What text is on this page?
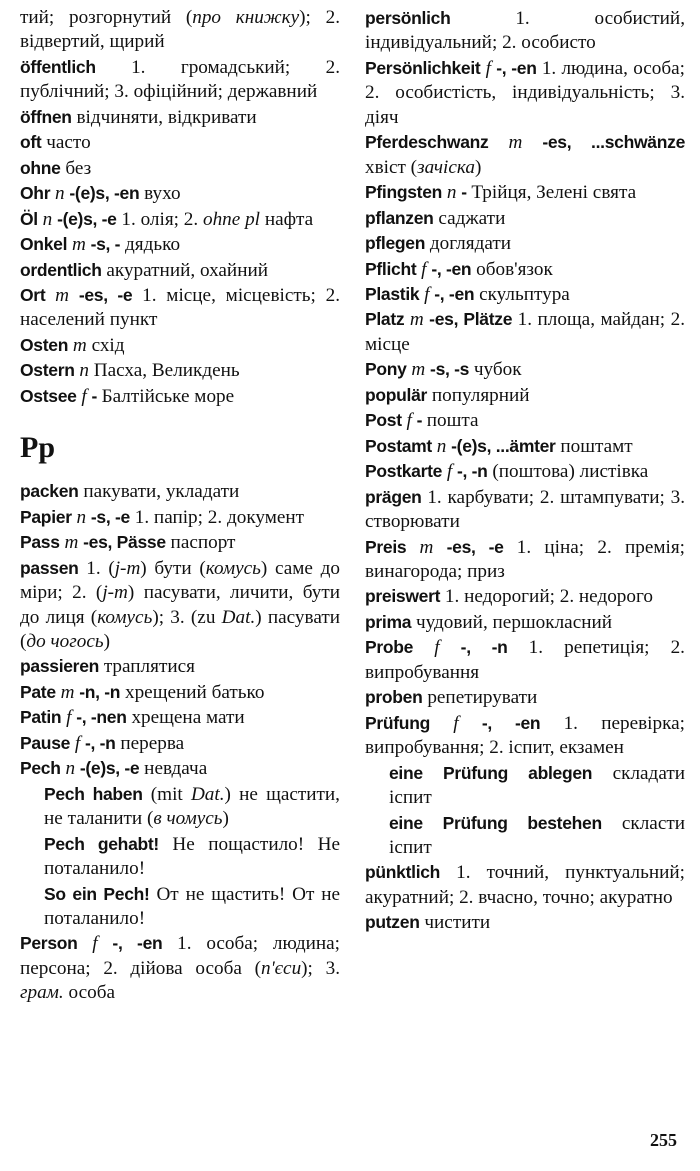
тий; розгорнутий (про книжку); 2. відвертий, щирий

öffentlich 1. громадський; 2. публічний; 3. офіційний; державний

öffnen відчиняти, відкривати

oft часто

ohne без

Ohr n -(e)s, -en вухо

Öl n -(e)s, -e 1. олія; 2. ohne pl нафта

Onkel m -s, - дядько

ordentlich акуратний, охайний

Ort m -es, -e 1. місце, місцевість; 2. населений пункт

Osten m схід

Ostern n Пасха, Великдень

Ostsee f - Балтійське море

Pp

packen пакувати, укладати

Papier n -s, -e 1. папір; 2. документ

Pass m -es, Pässe паспорт

passen 1. (j-m) бути (комусь) саме до міри; 2. (j-m) пасувати, личити, бути до лиця (комусь); 3. (zu Dat.) пасувати (до чогось)

passieren траплятися

Pate m -n, -n хрещений батько

Patin f -, -nen хрещена мати

Pause f -, -n перерва

Pech n -(e)s, -e невдача

Pech haben (mit Dat.) не щастити, не таланити (в чомусь)

Pech gehabt! Не пощастило! Не поталанило!

So ein Pech! От не щастить! От не поталанило!

Person f -, -en 1. особа; людина; персона; 2. дійова особа (п'єси); 3. грам. особа

persönlich 1. особистий, індивідуальний; 2. особисто

Persönlichkeit f -, -en 1. людина, особа; 2. особистість, індивідуальність; 3. діяч

Pferdeschwanz m -es, ...schwänze хвіст (зачіска)

Pfingsten n - Трійця, Зелені свята

pflanzen саджати

pflegen доглядати

Pflicht f -, -en обов'язок

Plastik f -, -en скульптура

Platz m -es, Plätze 1. площа, майдан; 2. місце

Pony m -s, -s чубок

populär популярний

Post f - пошта

Postamt n -(e)s, ...ämter поштамт

Postkarte f -, -n (поштова) листівка

prägen 1. карбувати; 2. штампувати; 3. створювати

Preis m -es, -e 1. ціна; 2. премія; винагорода; приз

preiswert 1. недорогий; 2. недорого

prima чудовий, першокласний

Probe f -, -n 1. репетиція; 2. випробування

proben репетирувати

Prüfung f -, -en 1. перевірка; випробування; 2. іспит, екзамен

eine Prüfung ablegen складати іспит

eine Prüfung bestehen скласти іспит

pünktlich 1. точний, пунктуальний; акуратний; 2. вчасно, точно; акуратно

putzen чистити

255
